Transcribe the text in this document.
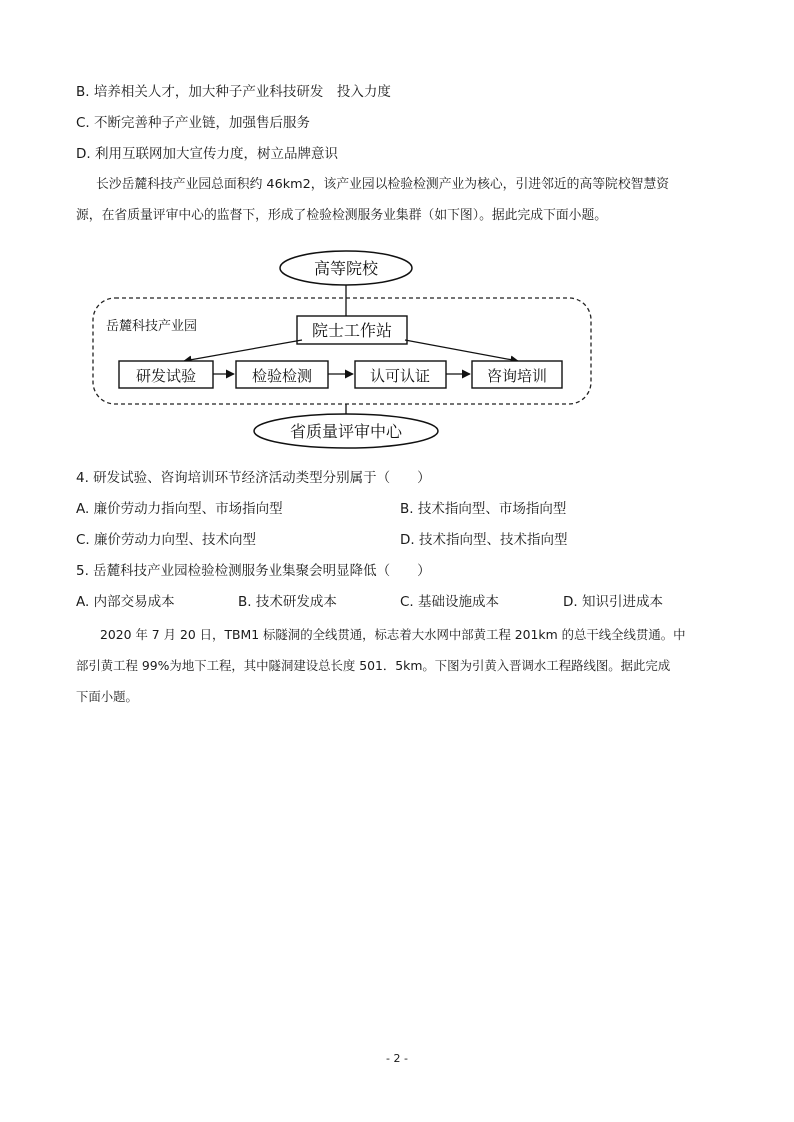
B. 培养相关人才，加大种子产业科技研发　投入力度
C. 不断完善种子产业链，加强售后服务
D. 利用互联网加大宣传力度，树立品牌意识
长沙岳麓科技产业园总面积约 46km2，该产业园以检验检测产业为核心，引进邻近的高等院校智慧资
源，在省质量评审中心的监督下，形成了检验检测服务业集群（如下图）。据此完成下面小题。
高等院校
岳麓科技产业园	院士工作站
研发试验	检验检测	认可认证	咨询培训
省质量评审中心
4. 研发试验、咨询培训环节经济活动类型分别属于（　　）
A. 廉价劳动力指向型、市场指向型	B. 技术指向型、市场指向型
C. 廉价劳动力向型、技术向型	D. 技术指向型、技术指向型
5. 岳麓科技产业园检验检测服务业集聚会明显降低（　　）
A. 内部交易成本	B. 技术研发成本	C. 基础设施成本	D. 知识引进成本
2020 年 7 月 20 日，TBM1 标隧洞的全线贯通，标志着大水网中部黄工程 201km 的总干线全线贯通。中
部引黄工程 99%为地下工程，其中隧洞建设总长度 501．5km。下图为引黄入晋调水工程路线图。据此完成
下面小题。
- 2 -
